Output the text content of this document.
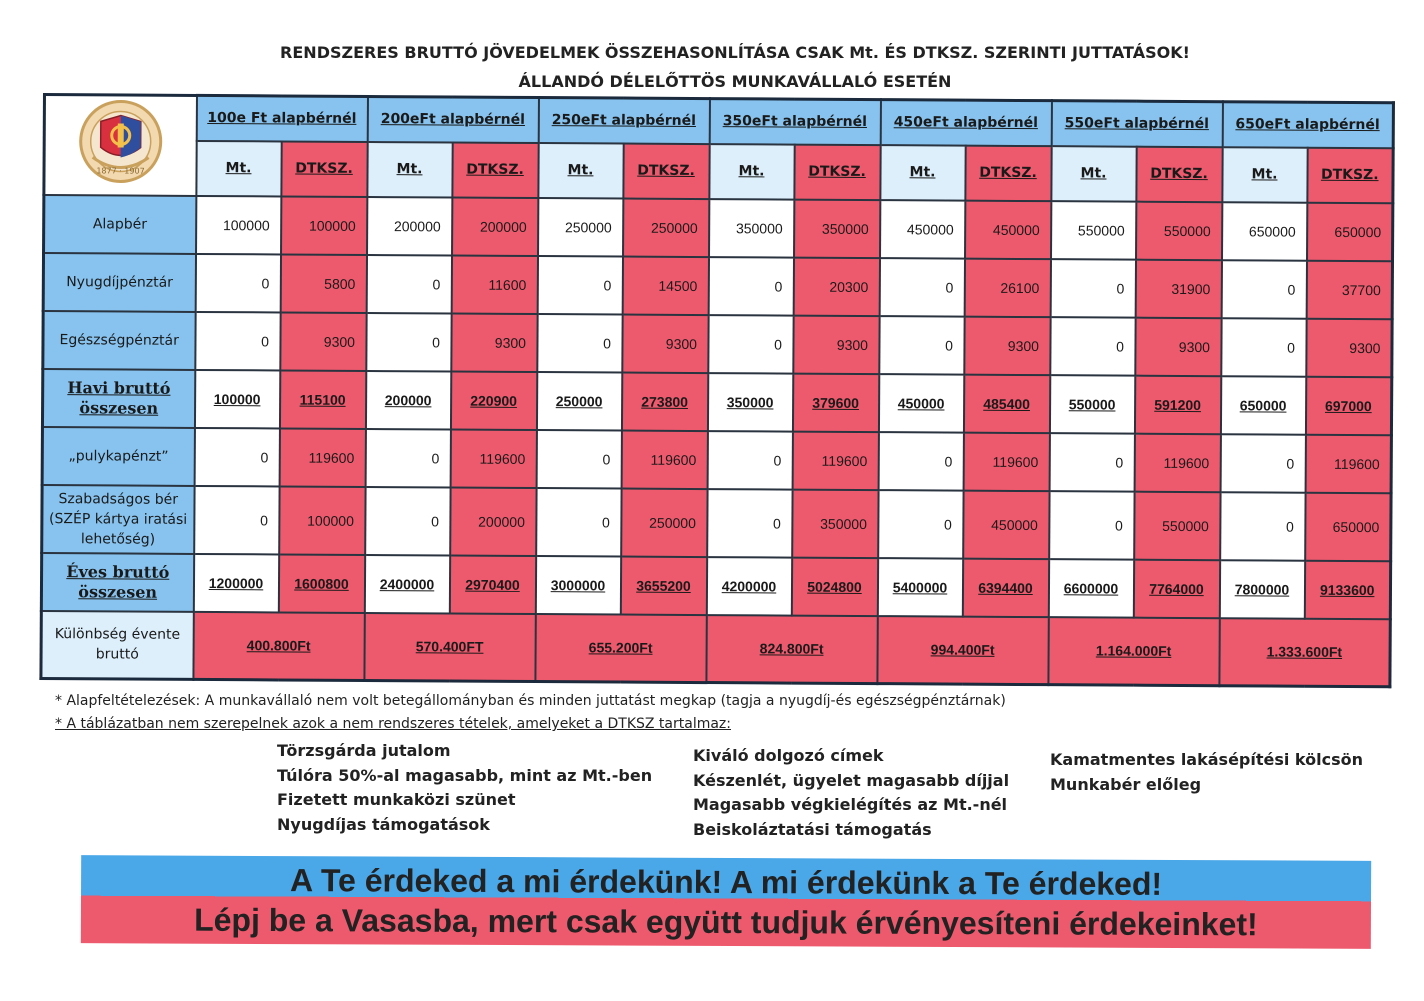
RENDSZERES BRUTTÓ JÖVEDELMEK ÖSSZEHASONLÍTÁSA CSAK Mt. ÉS DTKSZ. SZERINTI JUTTATÁSOK!
ÁLLANDÓ DÉLELŐTTÖS MUNKAVÁLLALÓ ESETÉN
1877 · 1907	100e Ft alapbérnél		200eFt alapbérnél		250eFt alapbérnél		350eFt alapbérnél		450eFt alapbérnél		550eFt alapbérnél		650eFt alapbérnél	
	Mt.	DTKSZ.	Mt.	DTKSZ.	Mt.	DTKSZ.	Mt.	DTKSZ.	Mt.	DTKSZ.	Mt.	DTKSZ.	Mt.	DTKSZ.
Alapbér	100000	100000	200000	200000	250000	250000	350000	350000	450000	450000	550000	550000	650000	650000
Nyugdíjpénztár	0	5800	0	11600	0	14500	0	20300	0	26100	0	31900	0	37700
Egészségpénztár	0	9300	0	9300	0	9300	0	9300	0	9300	0	9300	0	9300
Havi bruttó összesen	100000	115100	200000	220900	250000	273800	350000	379600	450000	485400	550000	591200	650000	697000
„pulykapénzt”	0	119600	0	119600	0	119600	0	119600	0	119600	0	119600	0	119600
Szabadságos bér (SZÉP kártya iratási lehetőség)	0	100000	0	200000	0	250000	0	350000	0	450000	0	550000	0	650000
Éves bruttó összesen	1200000	1600800	2400000	2970400	3000000	3655200	4200000	5024800	5400000	6394400	6600000	7764000	7800000	9133600
Különbség évente bruttó	400.800Ft		570.400FT		655.200Ft		824.800Ft		994.400Ft		1.164.000Ft		1.333.600Ft	
* Alapfeltételezések: A munkavállaló nem volt betegállományban és minden juttatást megkap (tagja a nyugdíj-és egészségpénztárnak)
* A táblázatban nem szerepelnek azok a nem rendszeres tételek, amelyeket a DTKSZ tartalmaz:
Törzsgárda jutalom
Túlóra 50%-al magasabb, mint az Mt.-ben
Fizetett munkaközi szünet
Nyugdíjas támogatások
Kiváló dolgozó címek
Készenlét, ügyelet magasabb díjjal
Magasabb végkielégítés az Mt.-nél
Beiskoláztatási támogatás
Kamatmentes lakásépítési kölcsön
Munkabér előleg
A Te érdeked a mi érdekünk! A mi érdekünk a Te érdeked!
Lépj be a Vasasba, mert csak együtt tudjuk érvényesíteni érdekeinket!
